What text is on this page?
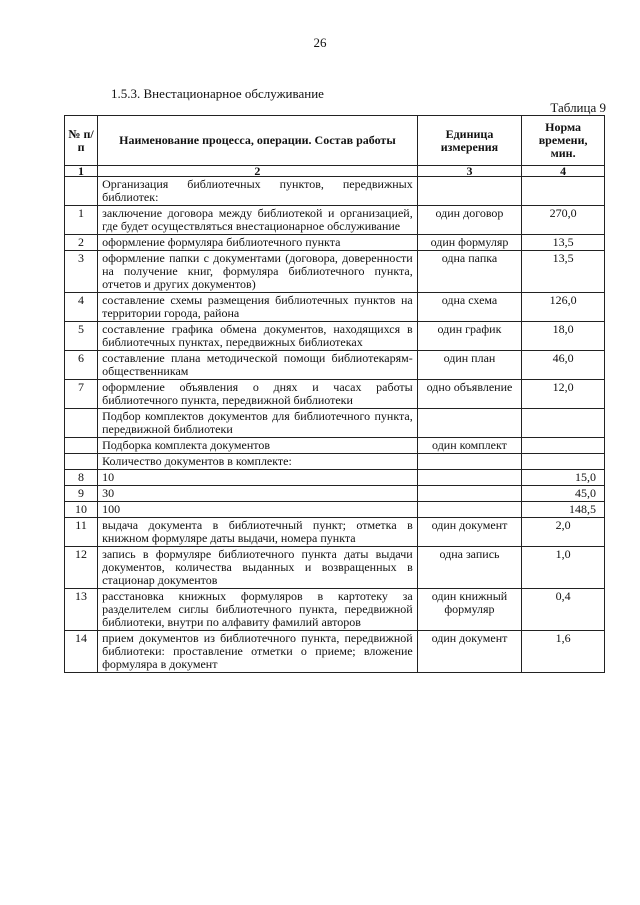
26
1.5.3. Внестационарное обслуживание
Таблица 9
№ п/п	Наименование процесса, операции. Состав работы	Единица измерения	Норма времени, мин.
1	2	3	4
	Организация библиотечных пунктов, передвижных библиотек:		
1	заключение договора между библиотекой и организацией, где будет осуществляться внестационарное обслуживание	один договор	270,0
2	оформление формуляра библиотечного пункта	один формуляр	13,5
3	оформление папки с документами (договора, доверенности на получение книг, формуляра библиотечного пункта, отчетов и других документов)	одна папка	13,5
4	составление схемы размещения библиотечных пунктов на территории города, района	одна схема	126,0
5	составление графика обмена документов, находящихся в библиотечных пунктах, передвижных библиотеках	один график	18,0
6	составление плана методической помощи библиотекарям-общественникам	один план	46,0
7	оформление объявления о днях и часах работы библиотечного пункта, передвижной библиотеки	одно объявление	12,0
	Подбор комплектов документов для библиотечного пункта, передвижной библиотеки		
	Подборка комплекта документов	один комплект	
	Количество документов в комплекте:		
8	10		15,0
9	30		45,0
10	100		148,5
11	выдача документа в библиотечный пункт; отметка в книжном формуляре даты выдачи, номера пункта	один документ	2,0
12	запись в формуляре библиотечного пункта даты выдачи документов, количества выданных и возвращенных в стационар документов	одна запись	1,0
13	расстановка книжных формуляров в картотеку за разделителем сиглы библиотечного пункта, передвижной библиотеки, внутри по алфавиту фамилий авторов	один книжный формуляр	0,4
14	прием документов из библиотечного пункта, передвижной библиотеки: проставление отметки о приеме; вложение формуляра в документ	один документ	1,6
